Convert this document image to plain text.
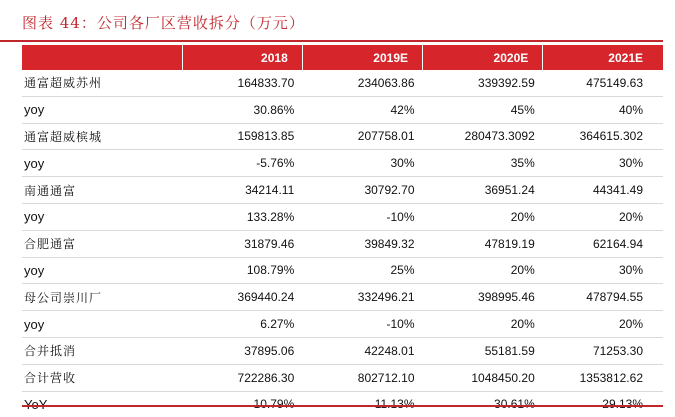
图表 44：公司各厂区营收拆分（万元）
	2018	2019E	2020E	2021E
通富超威苏州	164833.70	234063.86	339392.59	475149.63
yoy	30.86%	42%	45%	40%
通富超威槟城	159813.85	207758.01	280473.3092	364615.302
yoy	-5.76%	30%	35%	30%
南通通富	34214.11	30792.70	36951.24	44341.49
yoy	133.28%	-10%	20%	20%
合肥通富	31879.46	39849.32	47819.19	62164.94
yoy	108.79%	25%	20%	30%
母公司崇川厂	369440.24	332496.21	398995.46	478794.55
yoy	6.27%	-10%	20%	20%
合并抵消	37895.06	42248.01	55181.59	71253.30
合计营收	722286.30	802712.10	1048450.20	1353812.62
YoY	10.79%	11.13%	30.61%	29.13%
